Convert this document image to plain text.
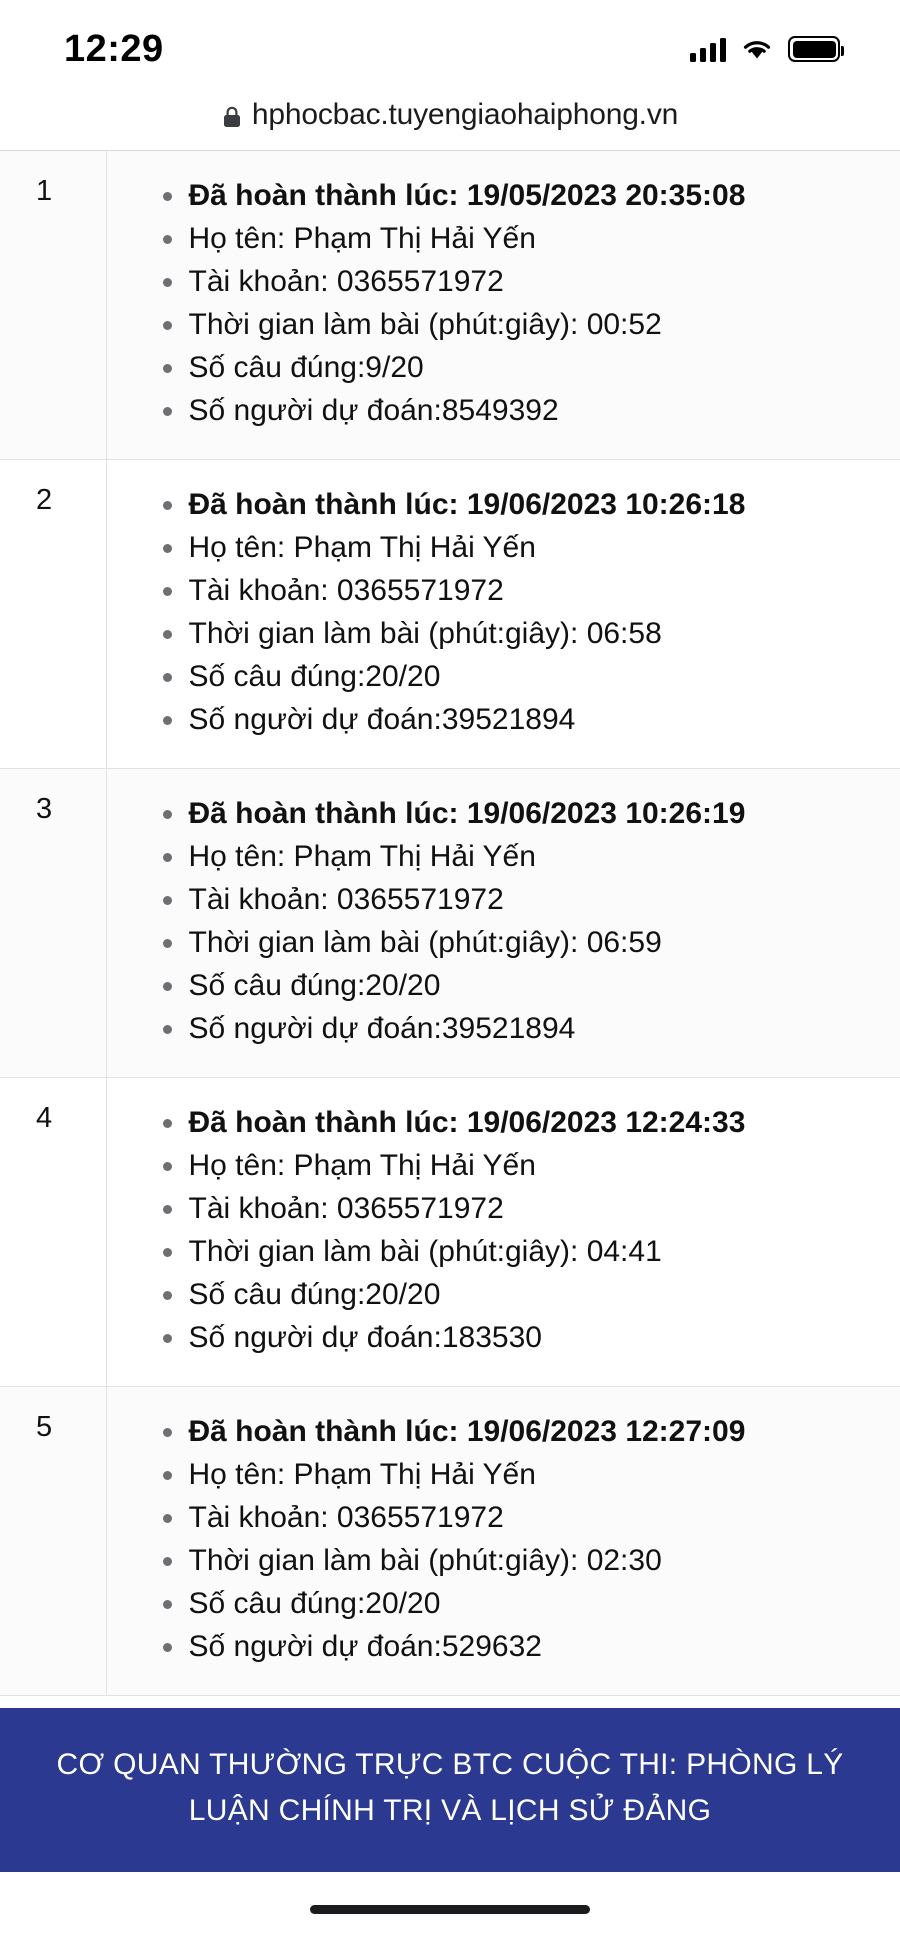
12:29
hphocbac.tuyengiaohaiphong.vn
1	Đã hoàn thành lúc: 19/05/2023 20:35:08
Họ tên: Phạm Thị Hải Yến
Tài khoản: 0365571972
Thời gian làm bài (phút:giây): 00:52
Số câu đúng:9/20
Số người dự đoán:8549392

2	Đã hoàn thành lúc: 19/06/2023 10:26:18
Họ tên: Phạm Thị Hải Yến
Tài khoản: 0365571972
Thời gian làm bài (phút:giây): 06:58
Số câu đúng:20/20
Số người dự đoán:39521894

3	Đã hoàn thành lúc: 19/06/2023 10:26:19
Họ tên: Phạm Thị Hải Yến
Tài khoản: 0365571972
Thời gian làm bài (phút:giây): 06:59
Số câu đúng:20/20
Số người dự đoán:39521894

4	Đã hoàn thành lúc: 19/06/2023 12:24:33
Họ tên: Phạm Thị Hải Yến
Tài khoản: 0365571972
Thời gian làm bài (phút:giây): 04:41
Số câu đúng:20/20
Số người dự đoán:183530

5	Đã hoàn thành lúc: 19/06/2023 12:27:09
Họ tên: Phạm Thị Hải Yến
Tài khoản: 0365571972
Thời gian làm bài (phút:giây): 02:30
Số câu đúng:20/20
Số người dự đoán:529632
CƠ QUAN THƯỜNG TRỰC BTC CUỘC THI: PHÒNG LÝ
LUẬN CHÍNH TRỊ VÀ LỊCH SỬ ĐẢNG
